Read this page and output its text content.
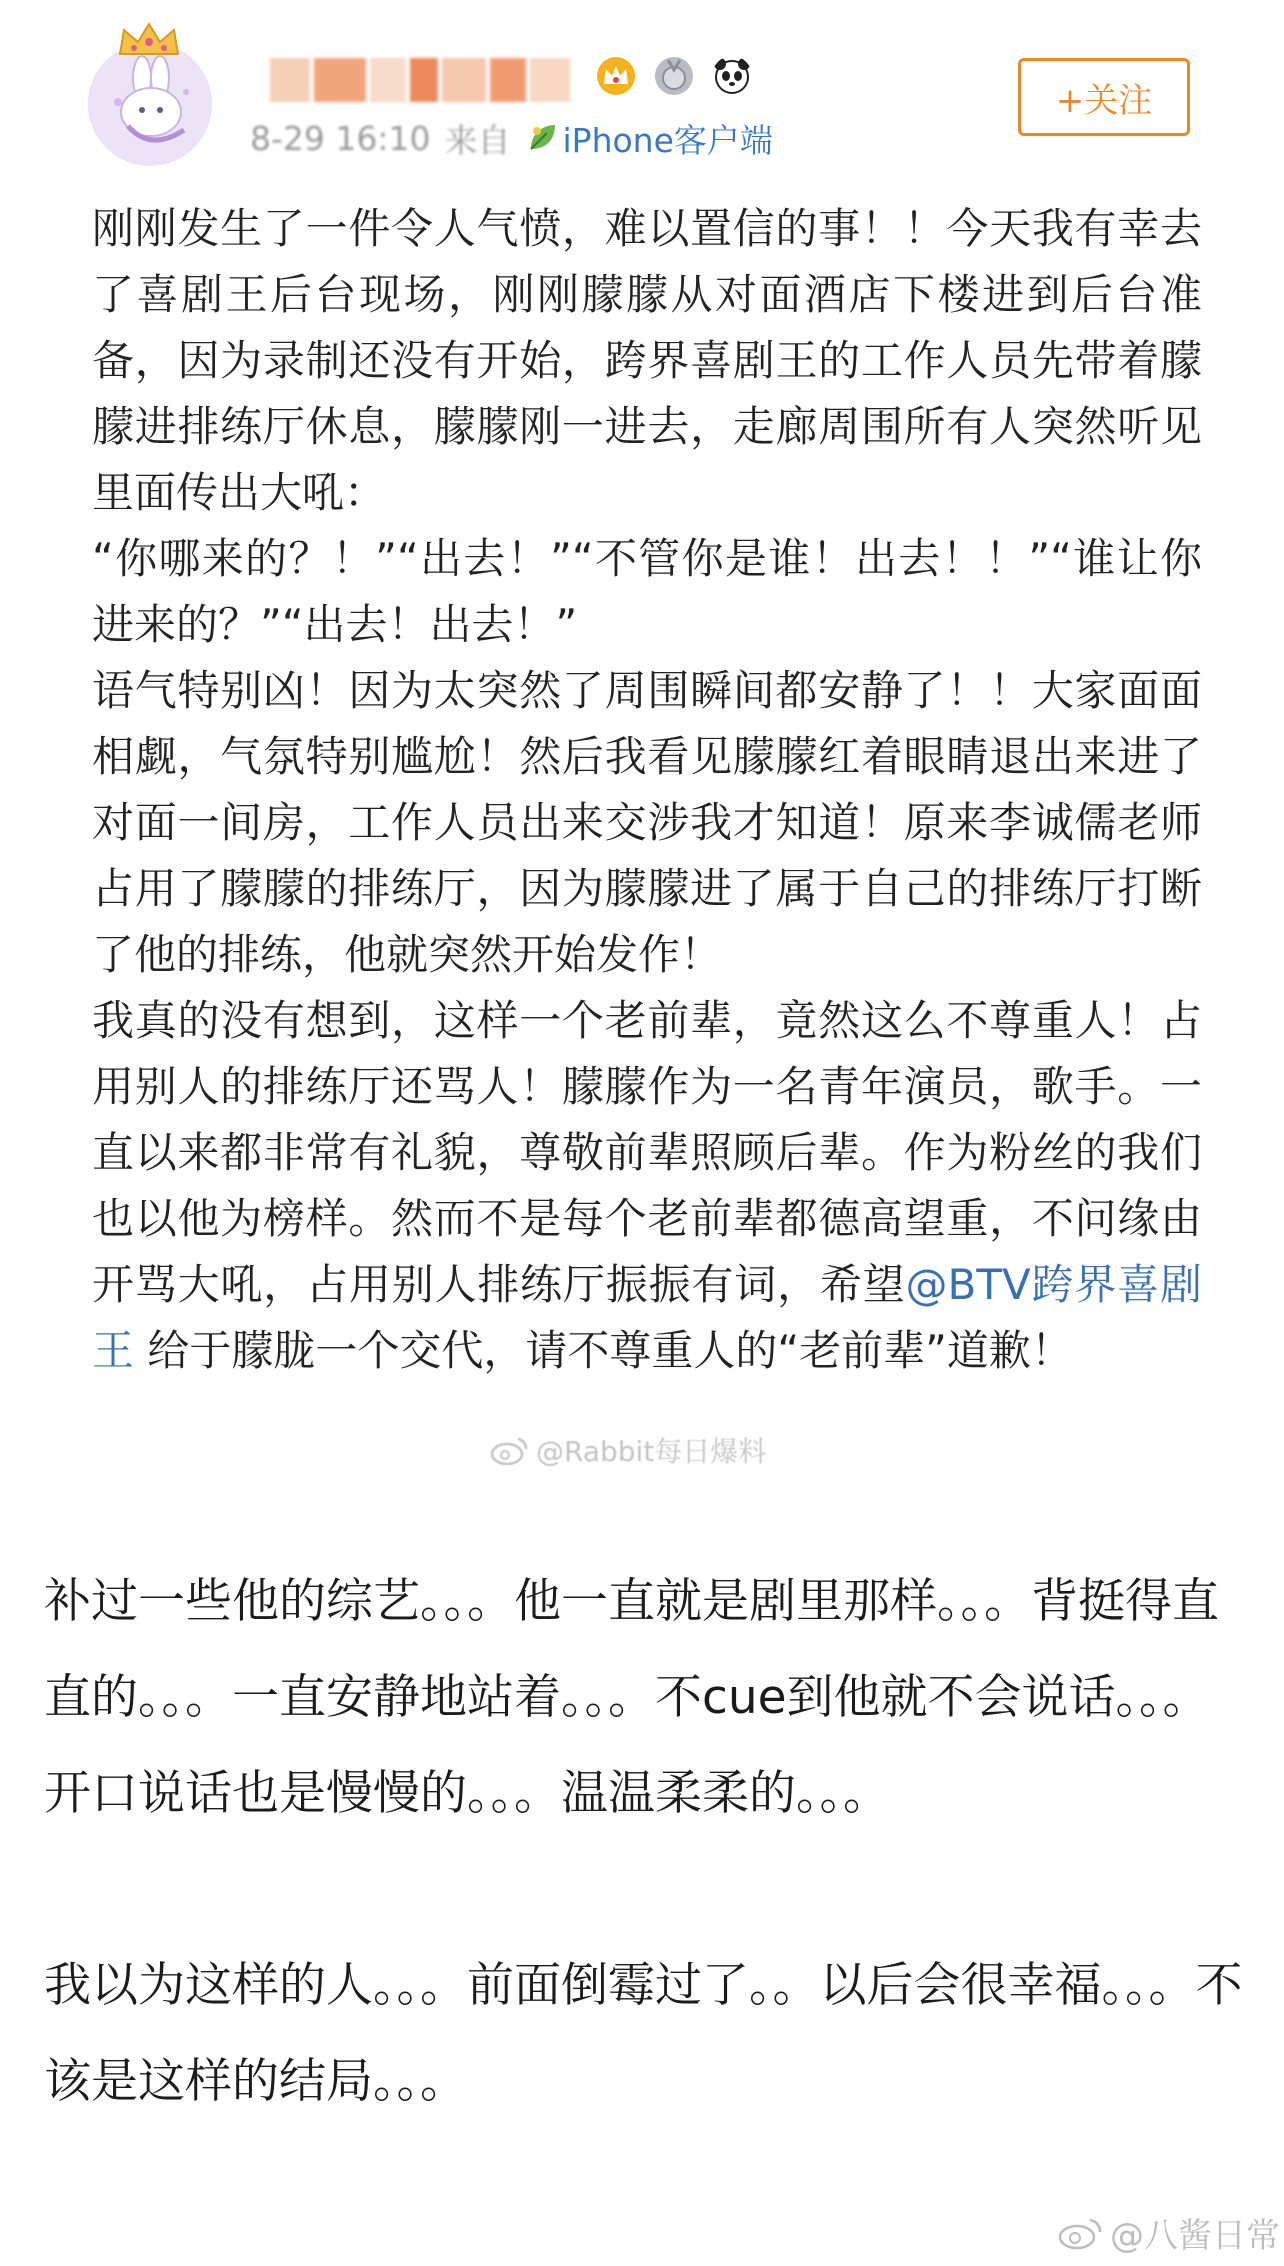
8-29 16:10 来自 iPhone客户端
+关注

刚刚发生了一件令人气愤，难以置信的事！！今天我有幸去了喜剧王后台现场，刚刚朦朦从对面酒店下楼进到后台准备，因为录制还没有开始，跨界喜剧王的工作人员先带着朦朦进排练厅休息，朦朦刚一进去，走廊周围所有人突然听见里面传出大吼：

“你哪来的？！”“出去！”“不管你是谁！出去！！”“谁让你进来的？”“出去！出去！”

语气特别凶！因为太突然了周围瞬间都安静了！！大家面面相觑，气氛特别尴尬！然后我看见朦朦红着眼睛退出来进了对面一间房，工作人员出来交涉我才知道！原来李诚儒老师占用了朦朦的排练厅，因为朦朦进了属于自己的排练厅打断了他的排练，他就突然开始发作！

我真的没有想到，这样一个老前辈，竟然这么不尊重人！占用别人的排练厅还骂人！朦朦作为一名青年演员，歌手。一直以来都非常有礼貌，尊敬前辈照顾后辈。作为粉丝的我们也以他为榜样。然而不是每个老前辈都德高望重，不问缘由开骂大吼，占用别人排练厅振振有词，希望@BTV跨界喜剧王 给于朦胧一个交代，请不尊重人的“老前辈”道歉！

@Rabbit每日爆料

补过一些他的综艺。。。他一直就是剧里那样。。。背挺得直直的。。。一直安静地站着。。。不cue到他就不会说话。。。开口说话也是慢慢的。。。温温柔柔的。。。

我以为这样的人。。。前面倒霉过了。。以后会很幸福。。。不该是这样的结局。。。

@八酱日常
